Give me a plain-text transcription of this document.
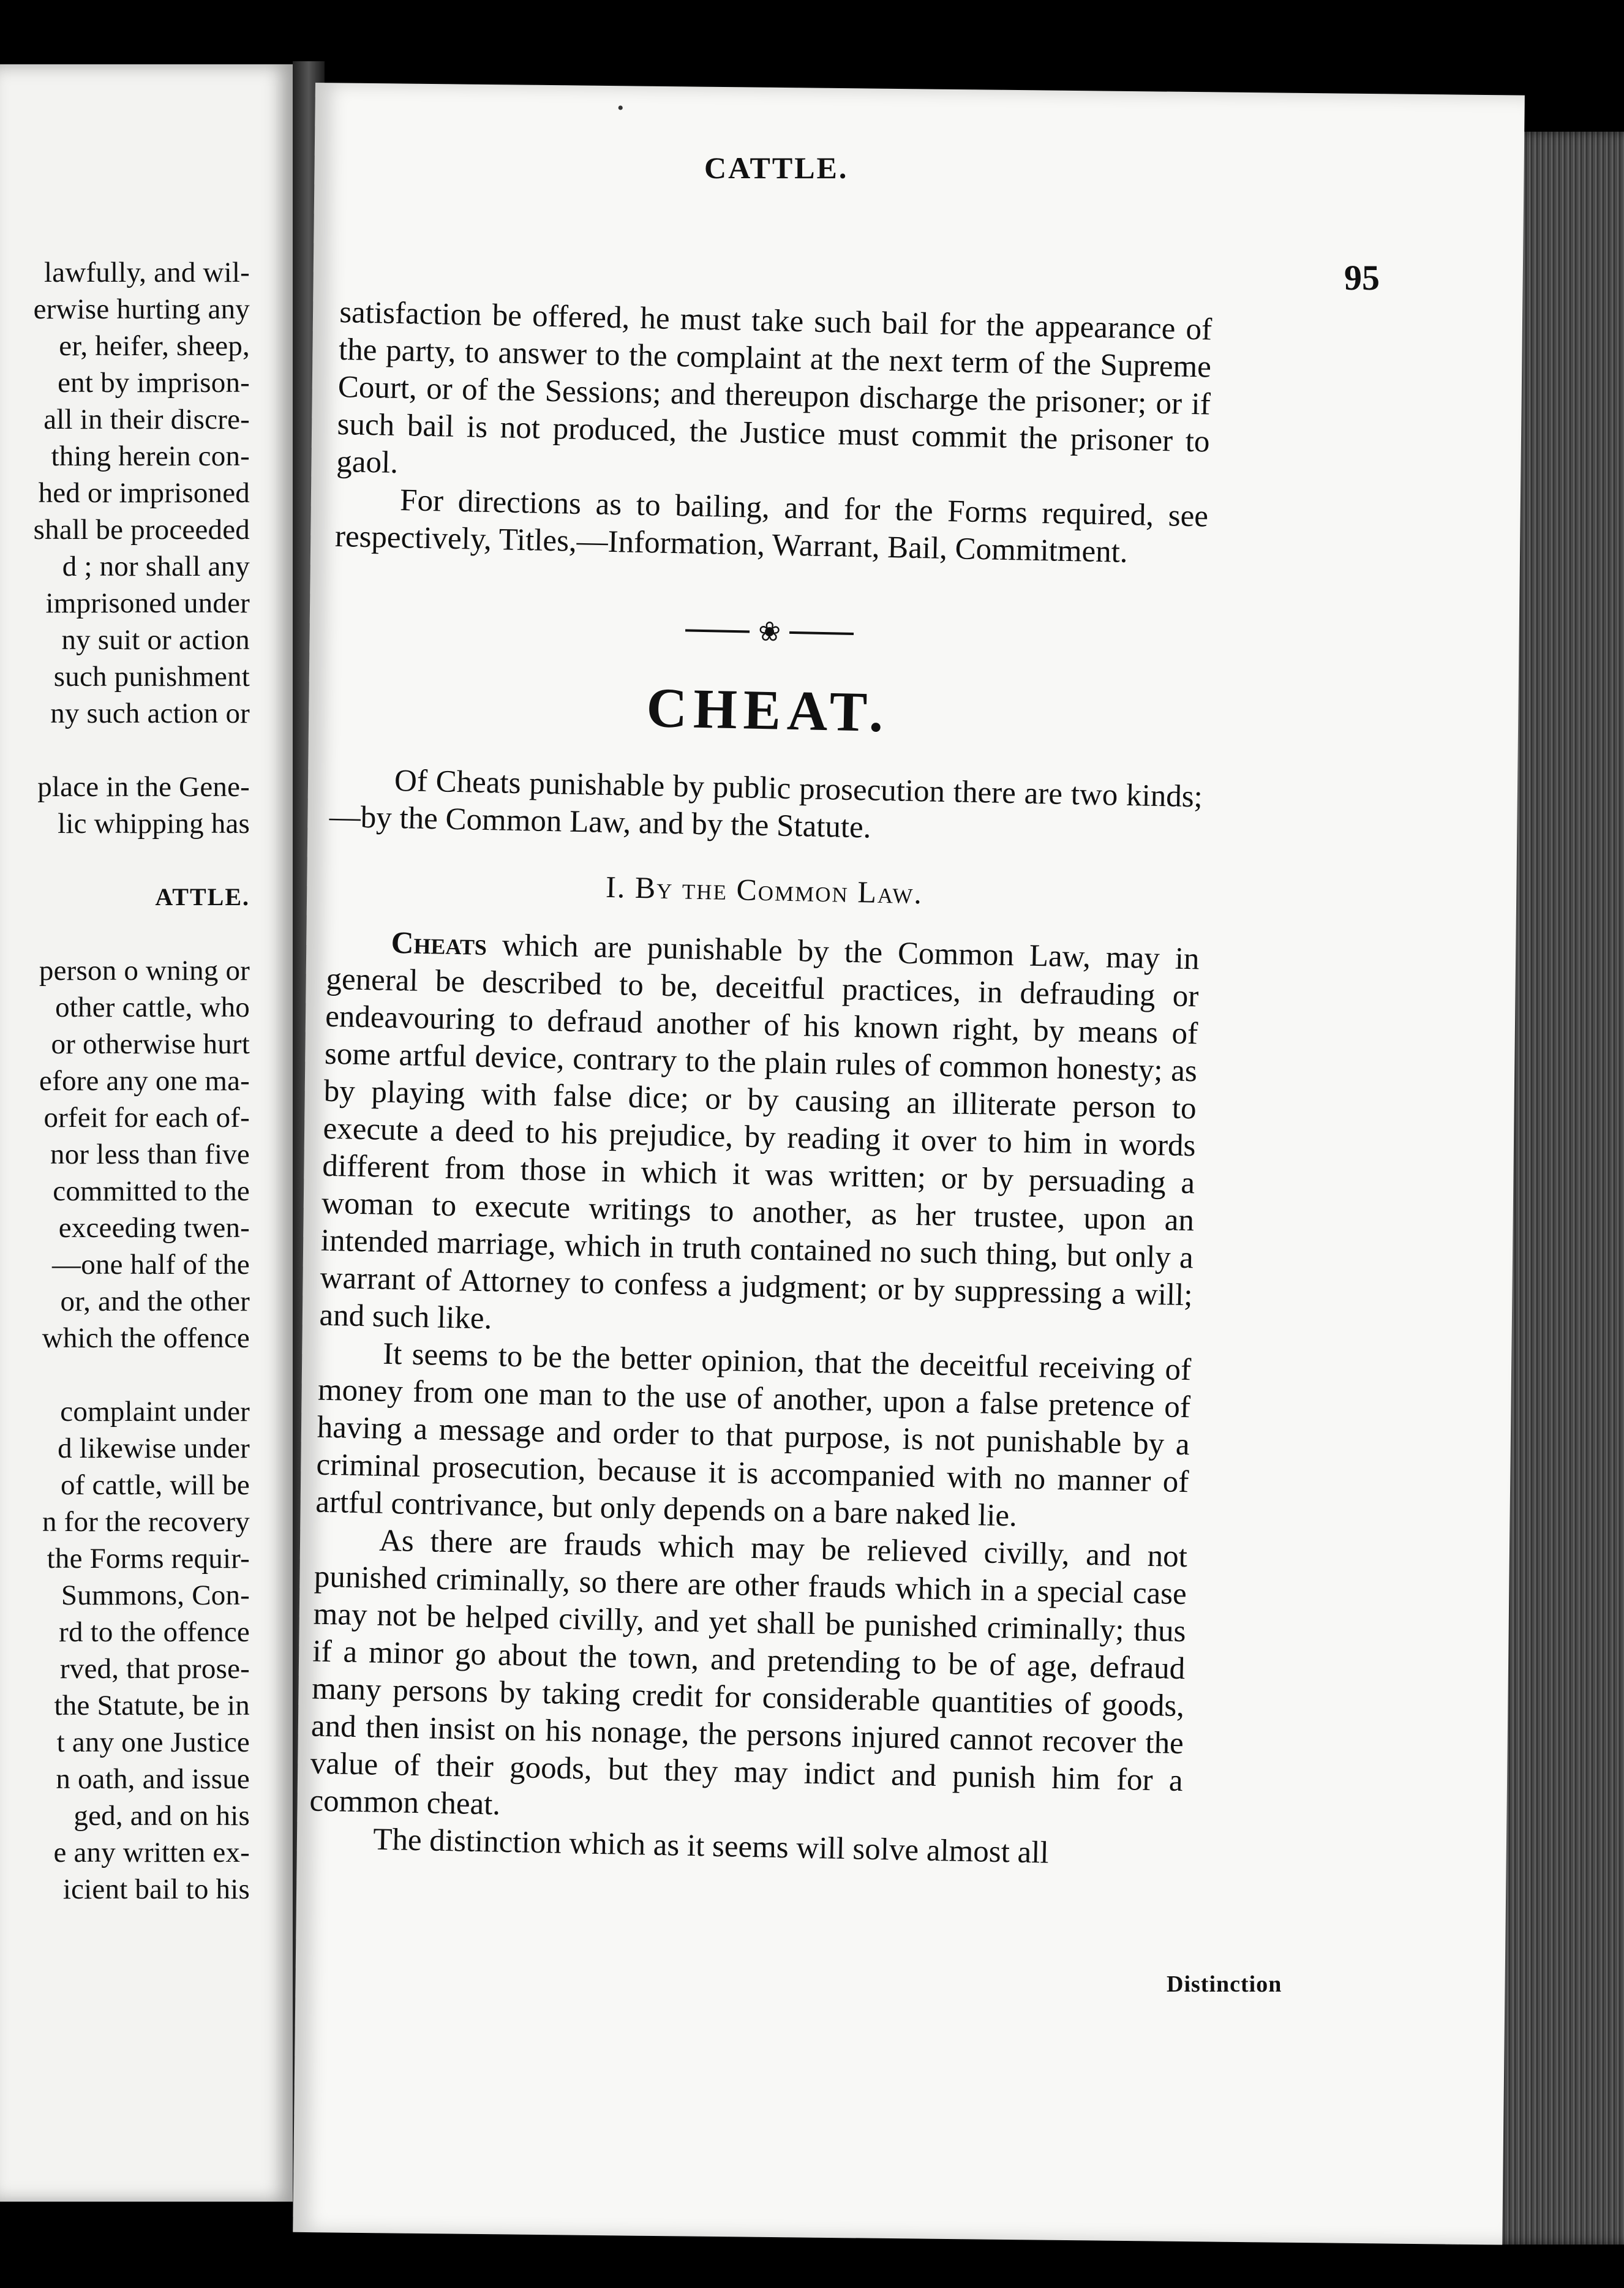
lawfully, and wil-
erwise hurting any
er, heifer, sheep,
ent by imprison-
all in their discre-
thing herein con-
hed or imprisoned
shall be proceeded
d ; nor shall any
imprisoned under
ny suit or action
such punishment
ny such action or
place in the Gene-
lic whipping has
ATTLE.
person o wning or
other cattle, who
or otherwise hurt
efore any one ma-
orfeit for each of-
nor less than five
committed to the
exceeding twen-
—one half of the
or, and the other
which the offence
complaint under
d likewise under
of cattle, will be
n for the recovery
the Forms requir-
Summons, Con-
rd to the offence
rved, that prose-
the Statute, be in
t any one Justice
n oath, and issue
ged, and on his
e any written ex-
icient bail to his
•
CATTLE.
95

satisfaction be offered, he must take such bail for the appearance of the party, to answer to the complaint at the next term of the Supreme Court, or of the Sessions; and thereupon discharge the prisoner; or if such bail is not produced, the Justice must commit the prisoner to gaol.

For directions as to bailing, and for the Forms required, see respectively, Titles,—Information, Warrant, Bail, Commitment.

❀
CHEAT.

Of Cheats punishable by public prosecution there are two kinds;—by the Common Law, and by the Statute.

I. By the Common Law.

Cheats which are punishable by the Common Law, may in general be described to be, deceitful practices, in defrauding or endeavouring to defraud another of his known right, by means of some artful device, contrary to the plain rules of common honesty; as by playing with false dice; or by causing an illiterate person to execute a deed to his prejudice, by reading it over to him in words different from those in which it was written; or by persuading a woman to execute writings to another, as her trustee, upon an intended marriage, which in truth contained no such thing, but only a warrant of Attorney to confess a judgment; or by suppressing a will; and such like.

It seems to be the better opinion, that the deceitful receiving of money from one man to the use of another, upon a false pretence of having a message and order to that purpose, is not punishable by a criminal prosecution, because it is accompanied with no manner of artful contrivance, but only depends on a bare naked lie.

As there are frauds which may be relieved civilly, and not punished criminally, so there are other frauds which in a special case may not be helped civilly, and yet shall be punished criminally; thus if a minor go about the town, and pretending to be of age, defraud many persons by taking credit for considerable quantities of goods, and then insist on his nonage, the persons injured cannot recover the value of their goods, but they may indict and punish him for a common cheat.

The distinction which as it seems will solve almost all

Distinction
